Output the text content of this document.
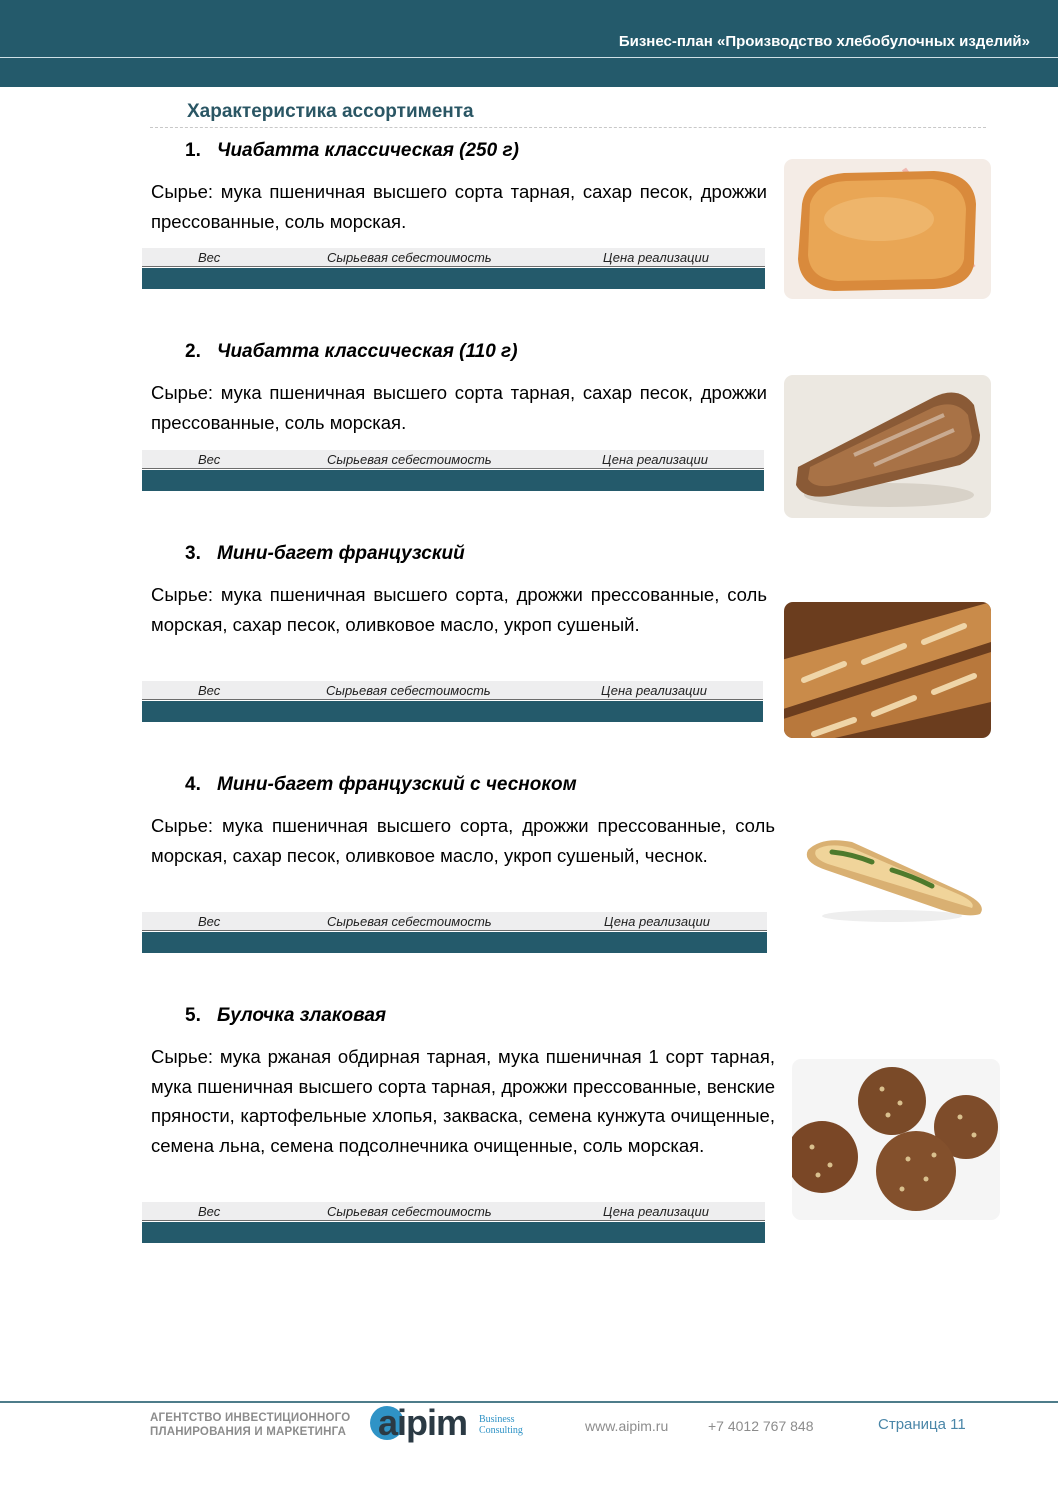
Бизнес-план «Производство хлебобулочных изделий»
Характеристика ассортимента
1. Чиабатта классическая (250 г)
Сырье: мука пшеничная высшего сорта тарная, сахар песок, дрожжи прессованные, соль морская.
Вес	Сырьевая себестоимость	Цена реализации
2. Чиабатта классическая (110 г)
Сырье: мука пшеничная высшего сорта тарная, сахар песок, дрожжи прессованные, соль морская.
Вес	Сырьевая себестоимость	Цена реализации
3. Мини-багет французский
Сырье: мука пшеничная высшего сорта, дрожжи прессованные, соль морская, сахар песок, оливковое масло, укроп сушеный.
Вес	Сырьевая себестоимость	Цена реализации
4. Мини-багет французский с чесноком
Сырье: мука пшеничная высшего сорта, дрожжи прессованные, соль морская, сахар песок, оливковое масло, укроп сушеный, чеснок.
Вес	Сырьевая себестоимость	Цена реализации
5. Булочка злаковая
Сырье: мука ржаная обдирная тарная, мука пшеничная 1 сорт тарная, мука пшеничная высшего сорта тарная, дрожжи прессованные, венские пряности, картофельные хлопья, закваска, семена кунжута очищенные, семена льна, семена подсолнечника очищенные, соль морская.
Вес	Сырьевая себестоимость	Цена реализации
АГЕНТСТВО ИНВЕСТИЦИОННОГО
ПЛАНИРОВАНИЯ И МАРКЕТИНГА aipim Business
Consulting	www.aipim.ru	+7 4012 767 848	Страница 11
